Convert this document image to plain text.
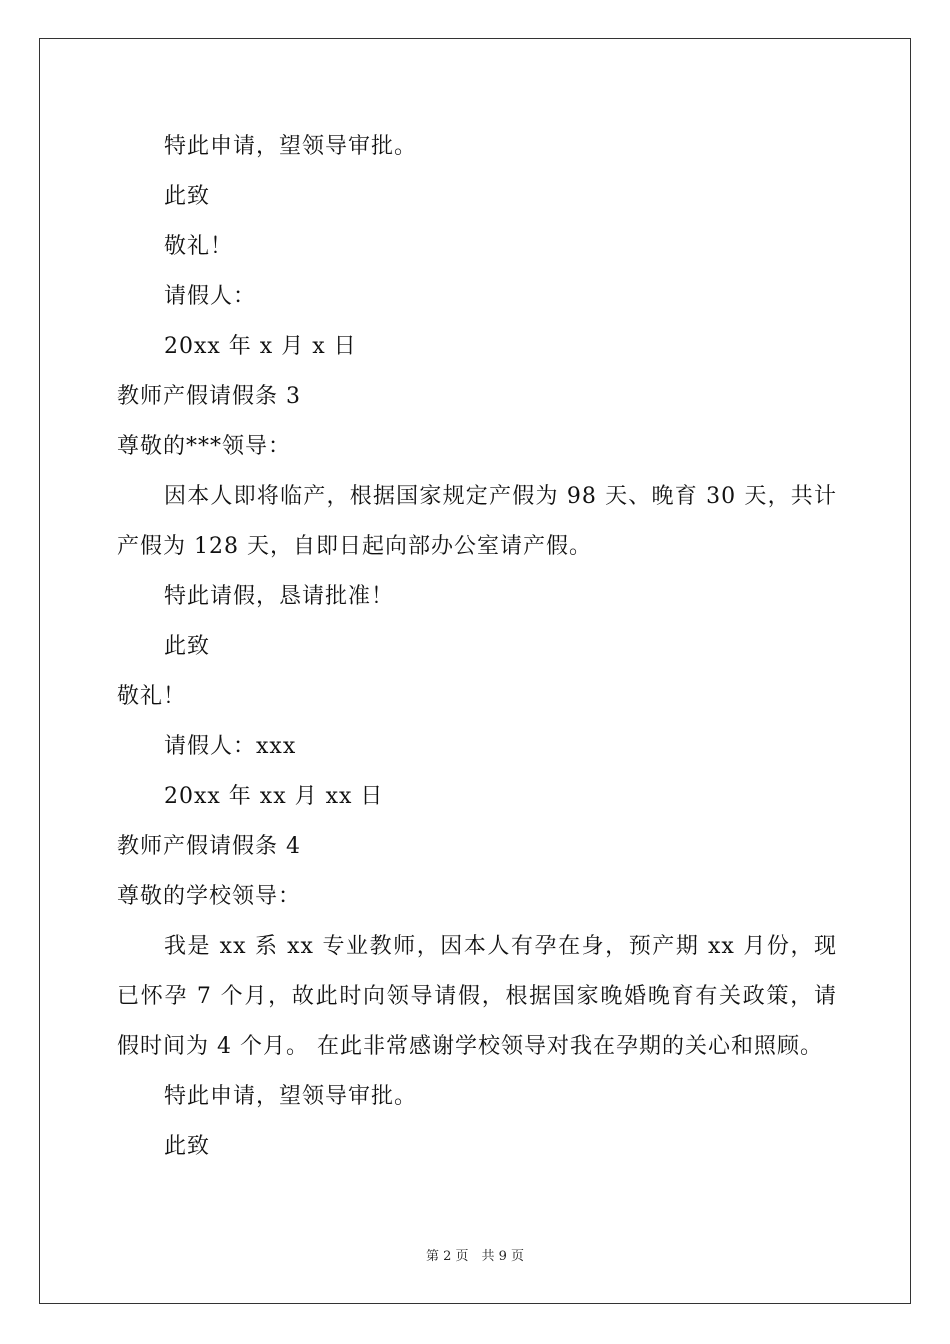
特此申请，望领导审批。
此致
敬礼！
请假人：
20xx 年 x 月 x 日
教师产假请假条 3
尊敬的***领导：
因本人即将临产，根据国家规定产假为 98 天、晚育 30 天，共计产假为 128 天，自即日起向部办公室请产假。
特此请假，恳请批准！
此致
敬礼！
请假人：xxx
20xx 年 xx 月 xx 日
教师产假请假条 4
尊敬的学校领导：
我是 xx 系 xx 专业教师，因本人有孕在身，预产期 xx 月份，现已怀孕 7 个月，故此时向领导请假，根据国家晚婚晚育有关政策，请假时间为 4 个月。 在此非常感谢学校领导对我在孕期的关心和照顾。
特此申请，望领导审批。
此致
第 2 页　共 9 页
